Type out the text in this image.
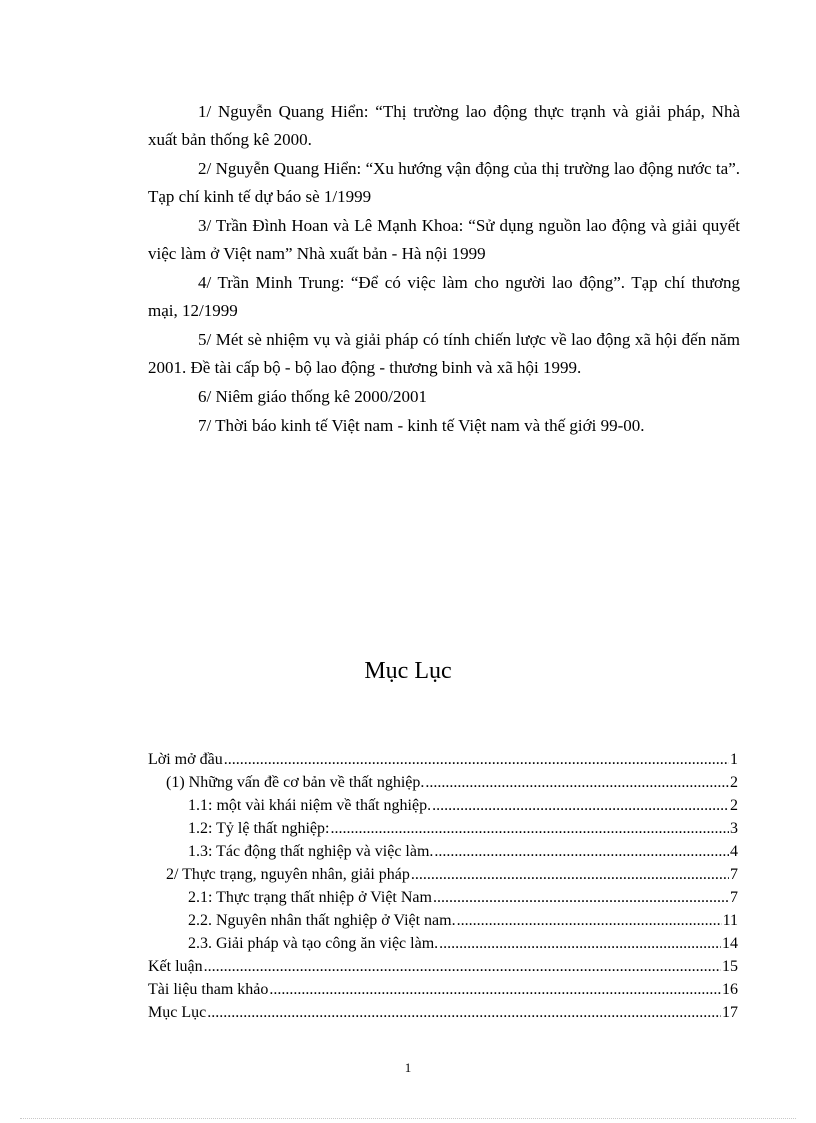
1/ Nguyễn Quang Hiển: “Thị trường lao động thực trạnh và giải pháp, Nhà xuất bản thống kê 2000.

2/ Nguyễn Quang Hiển: “Xu hướng vận động của thị trường lao động nước ta”. Tạp chí kinh tế dự báo sè 1/1999

3/ Trần Đình Hoan và Lê Mạnh Khoa: “Sử dụng nguồn lao động và giải quyết việc làm ở Việt nam” Nhà xuất bản - Hà nội 1999

4/ Trần Minh Trung: “Để có việc làm cho người lao động”. Tạp chí thương mại, 12/1999

5/ Mét sè nhiệm vụ và giải pháp có tính chiến lược về lao động xã hội đến năm 2001. Đề tài cấp bộ - bộ lao động - thương binh và xã hội 1999.

6/ Niêm giáo thống kê 2000/2001

7/ Thời báo kinh tế Việt nam - kinh tế Việt nam và thế giới 99-00.

Mục Lục
Lời mở đầu .....	1
(1) Những vấn đề cơ bản về thất nghiệp. .....	2
1.1: một vài khái niệm về thất nghiệp. .....	2
1.2: Tỷ lệ thất nghiệp: .....	3
1.3: Tác động thất nghiệp và việc làm. .....	4
2/ Thực trạng, nguyên nhân, giải pháp .....	7
2.1: Thực trạng thất nhiệp ở Việt Nam .....	7
2.2. Nguyên nhân thất nghiệp ở Việt nam. .....	11
2.3. Giải pháp và tạo công ăn việc làm. .....	14
Kết luận .....	15
Tài liệu tham khảo .....	16
Mục Lục .....	17
1
